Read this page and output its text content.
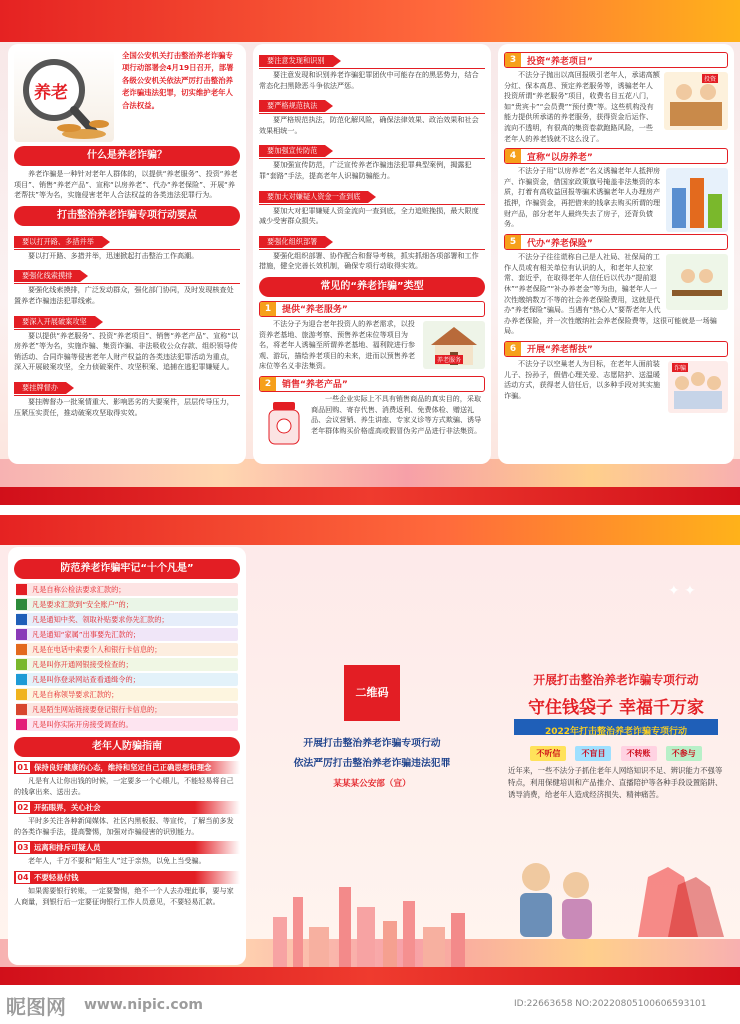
养老
全国公安机关打击整治养老诈骗专项行动部署会4月19日召开，部署各级公安机关依法严厉打击整治养老诈骗违法犯罪，切实维护老年人合法权益。
什么是养老诈骗？
养老诈骗是一种针对老年人群体的，以提供“养老服务”、投资“养老项目”、销售“养老产品”、宣称“以房养老”、代办“养老保险”、开展“养老帮扶”等为名，实施侵害老年人合法权益的各类违法犯罪行为。
打击整治养老诈骗专项行动要点
要以打开路、多措并举
要以打开路、多措并举，迅速掀起打击整治工作高潮。
要强化线索摸排
要强化线索摸排，广泛发动群众，强化部门协同，及时发现核查处置养老诈骗违法犯罪线索。
要深入开展破案攻坚
要以提供“养老服务”、投资“养老项目”、销售“养老产品”、宣称“以房养老”等为名，实施诈骗、集资诈骗、非法吸收公众存款、组织领导传销活动、合同诈骗等侵害老年人财产权益的各类违法犯罪活动为重点，深入开展破案攻坚，全力侦破案件、攻坚积案、追捕在逃犯罪嫌疑人。
要挂牌督办
要挂牌督办一批案情重大、影响恶劣的大要案件，层层传导压力，压紧压实责任，推动破案攻坚取得实效。
要注意发现和识别
要注意发现和识别养老诈骗犯罪团伙中可能存在的黑恶势力，结合常态化扫黑除恶斗争依法严惩。
要严格规范执法
要严格规范执法，防范化解风险，确保法律效果、政治效果和社会效果相统一。
要加强宣传防范
要加强宣传防范，广泛宣传养老诈骗违法犯罪典型案例，揭露犯罪“套路”手法，提高老年人识骗防骗能力。
要加大对嫌疑人资金一查到底
要加大对犯罪嫌疑人资金流向一查到底，全力追赃挽损，最大限度减少受害群众损失。
要强化组织部署
要强化组织部署、协作配合和督导考核，抓实抓细各项部署和工作措施，健全完善长效机制，确保专项行动取得实效。
常见的“养老诈骗”类型
1	提供“养老服务”
养老服务
不法分子为迎合老年投资人的养老需求，以投资养老基地、旅游考察、预售养老床位等项目为名，将老年人诱骗至所谓养老基地、福利院进行参观、游玩，描绘养老项目的未来，进而以预售养老床位等名义非法集资。
2	销售“养老产品”
一些企业实际上不具有销售商品的真实目的，采取商品回购、寄存代售、消费返利、免费体检、赠送礼品、会议营销、养生讲座、专家义诊等方式欺骗、诱导老年群体购买价格虚高或假冒伪劣产品进行非法集资。
3	投资“养老项目”
投资
不法分子抛出以高回报吸引老年人，承诺高额分红、保本高息、预定养老服务等，诱骗老年人投资所谓“养老服务”项目，收费名目五花八门，如“贵宾卡”“会员费”“预付费”等。这些机构没有能力提供所承诺的养老服务，获得资金后运作、流向不透明，有很高的集资卷款跑路风险，一些老年人的养老钱就不这么没了。
4	宣称“以房养老”
不法分子用“以房养老”名义诱骗老年人抵押房产、诈骗资金，借国家政策旗号掩盖非法集资的本质，打着有高收益回报等骗术诱骗老年人办理房产抵押，诈骗资金，再把借来的钱拿去购买所谓的理财产品，部分老年人最终失去了房子，还背负债务。
5	代办“养老保险”
不法分子往往谎称自己是人社局、社保局的工作人员或有相关单位有认识的人，和老年人拉家常、套近乎，在取得老年人信任后以代办“提前退休”“养老保险”“补办养老金”等为由，骗老年人一次性缴纳数万不等的社会养老保险费用，这就是代办“养老保险”骗局。当遇有“热心人”要帮老年人代办养老保险，并一次性缴纳社会养老保险费等，这很可能就是一场骗局。
6	开展“养老帮扶”
诈骗
不法分子以空巢老人为目标，在老年人面前装儿子、扮孙子，假借心理关爱、志愿陪护、送温暖活动方式，获得老人信任后，以多种手段对其实施诈骗。
防范养老诈骗牢记“十个凡是”
凡是自称公检法要求汇款的；
凡是要求汇款到“安全账户”的；
凡是通知中奖、领取补贴要求你先汇款的；
凡是通知“家属”出事要先汇款的；
凡是在电话中索要个人和银行卡信息的；
凡是叫你开通网银接受检查的；
凡是叫你登录网站查看通缉令的；
凡是自称领导要求汇款的；
凡是陌生网站链接要登记银行卡信息的；
凡是叫你实际开房接受调查的。
老年人防骗指南
01 保持良好健康的心态，维持和坚定自己正确思想和理念
凡是有人让你出钱的时候，一定要多一个心眼儿，不能轻易将自己的钱拿出来、送出去。
02 开拓眼界，关心社会
平时多关注各种新闻媒体、社区内黑板报、等宣传，了解当前多发的各类诈骗手法，提高警惕，加强对诈骗侵害的识别能力。
03 远离和排斥可疑人员
老年人，千万不要和“陌生人”过于亲热，以免上当受骗。
04 不要轻易付钱
如果需要银行转账，一定要警惕，绝不一个人去办理此事，要与家人商量，到银行后一定要征询银行工作人员意见，不要轻易汇款。
二维码
开展打击整治养老诈骗专项行动
依法严厉打击整治养老诈骗违法犯罪
某某某公安部（宣）
✦ ✦
开展打击整治养老诈骗专项行动
守住钱袋子 幸福千万家
2022年打击整治养老诈骗专项行动
不听信	不盲目	不转账	不参与
近年来，一些不法分子抓住老年人网络知识不足、辨识能力不强等特点，利用保健培训和产品推介、直播陪护等各种手段设置陷阱、诱导消费，给老年人造成经济损失、精神痛苦。
昵图网 www.nipic.com	ID:22663658 NO:20220805100606593101
